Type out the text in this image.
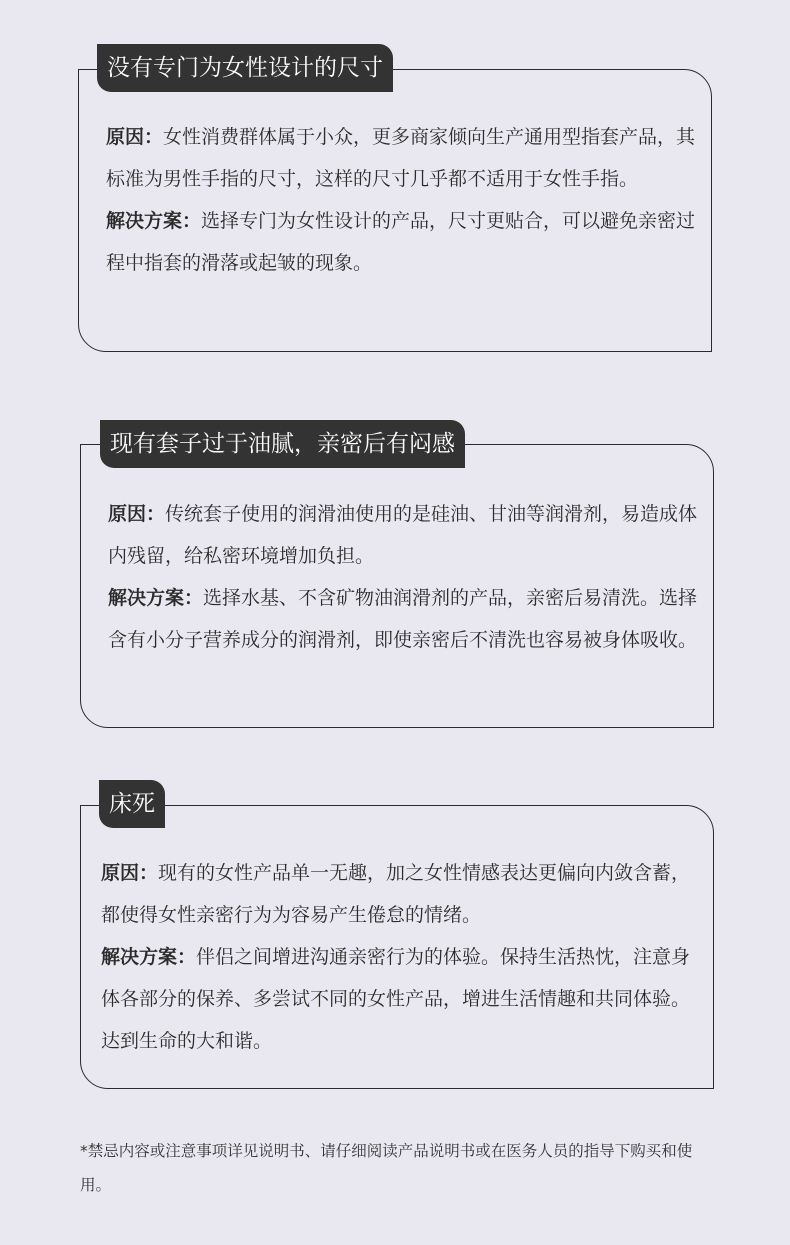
没有专门为女性设计的尺寸

原因：女性消费群体属于小众，更多商家倾向生产通用型指套产品，其标准为男性手指的尺寸，这样的尺寸几乎都不适用于女性手指。

解决方案：选择专门为女性设计的产品，尺寸更贴合，可以避免亲密过程中指套的滑落或起皱的现象。

现有套子过于油腻，亲密后有闷感

原因：传统套子使用的润滑油使用的是硅油、甘油等润滑剂，易造成体内残留，给私密环境增加负担。

解决方案：选择水基、不含矿物油润滑剂的产品，亲密后易清洗。选择含有小分子营养成分的润滑剂，即使亲密后不清洗也容易被身体吸收。

床死

原因：现有的女性产品单一无趣，加之女性情感表达更偏向内敛含蓄，都使得女性亲密行为为容易产生倦怠的情绪。

解决方案：伴侣之间增进沟通亲密行为的体验。保持生活热忱，注意身体各部分的保养、多尝试不同的女性产品，增进生活情趣和共同体验。达到生命的大和谐。

*禁忌内容或注意事项详见说明书、请仔细阅读产品说明书或在医务人员的指导下购买和使用。
